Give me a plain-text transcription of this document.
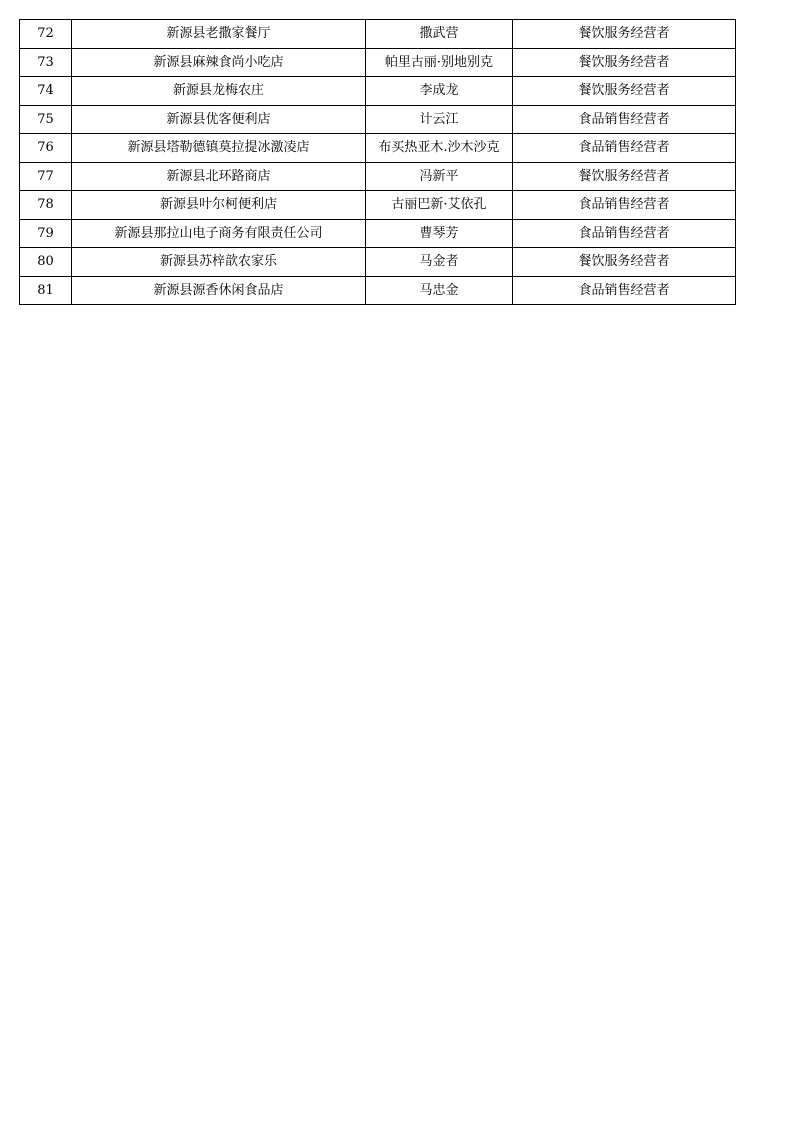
72	新源县老撒家餐厅	撒武营	餐饮服务经营者
73	新源县麻辣食尚小吃店	帕里古丽·别地别克	餐饮服务经营者
74	新源县龙梅农庄	李成龙	餐饮服务经营者
75	新源县优客便利店	计云江	食品销售经营者
76	新源县塔勒德镇莫拉提冰激凌店	布买热亚木.沙木沙克	食品销售经营者
77	新源县北环路商店	冯新平	餐饮服务经营者
78	新源县叶尔柯便利店	古丽巴新·艾依孔	食品销售经营者
79	新源县那拉山电子商务有限责任公司	曹琴芳	食品销售经营者
80	新源县苏梓歆农家乐	马金者	餐饮服务经营者
81	新源县源香休闲食品店	马忠金	食品销售经营者
